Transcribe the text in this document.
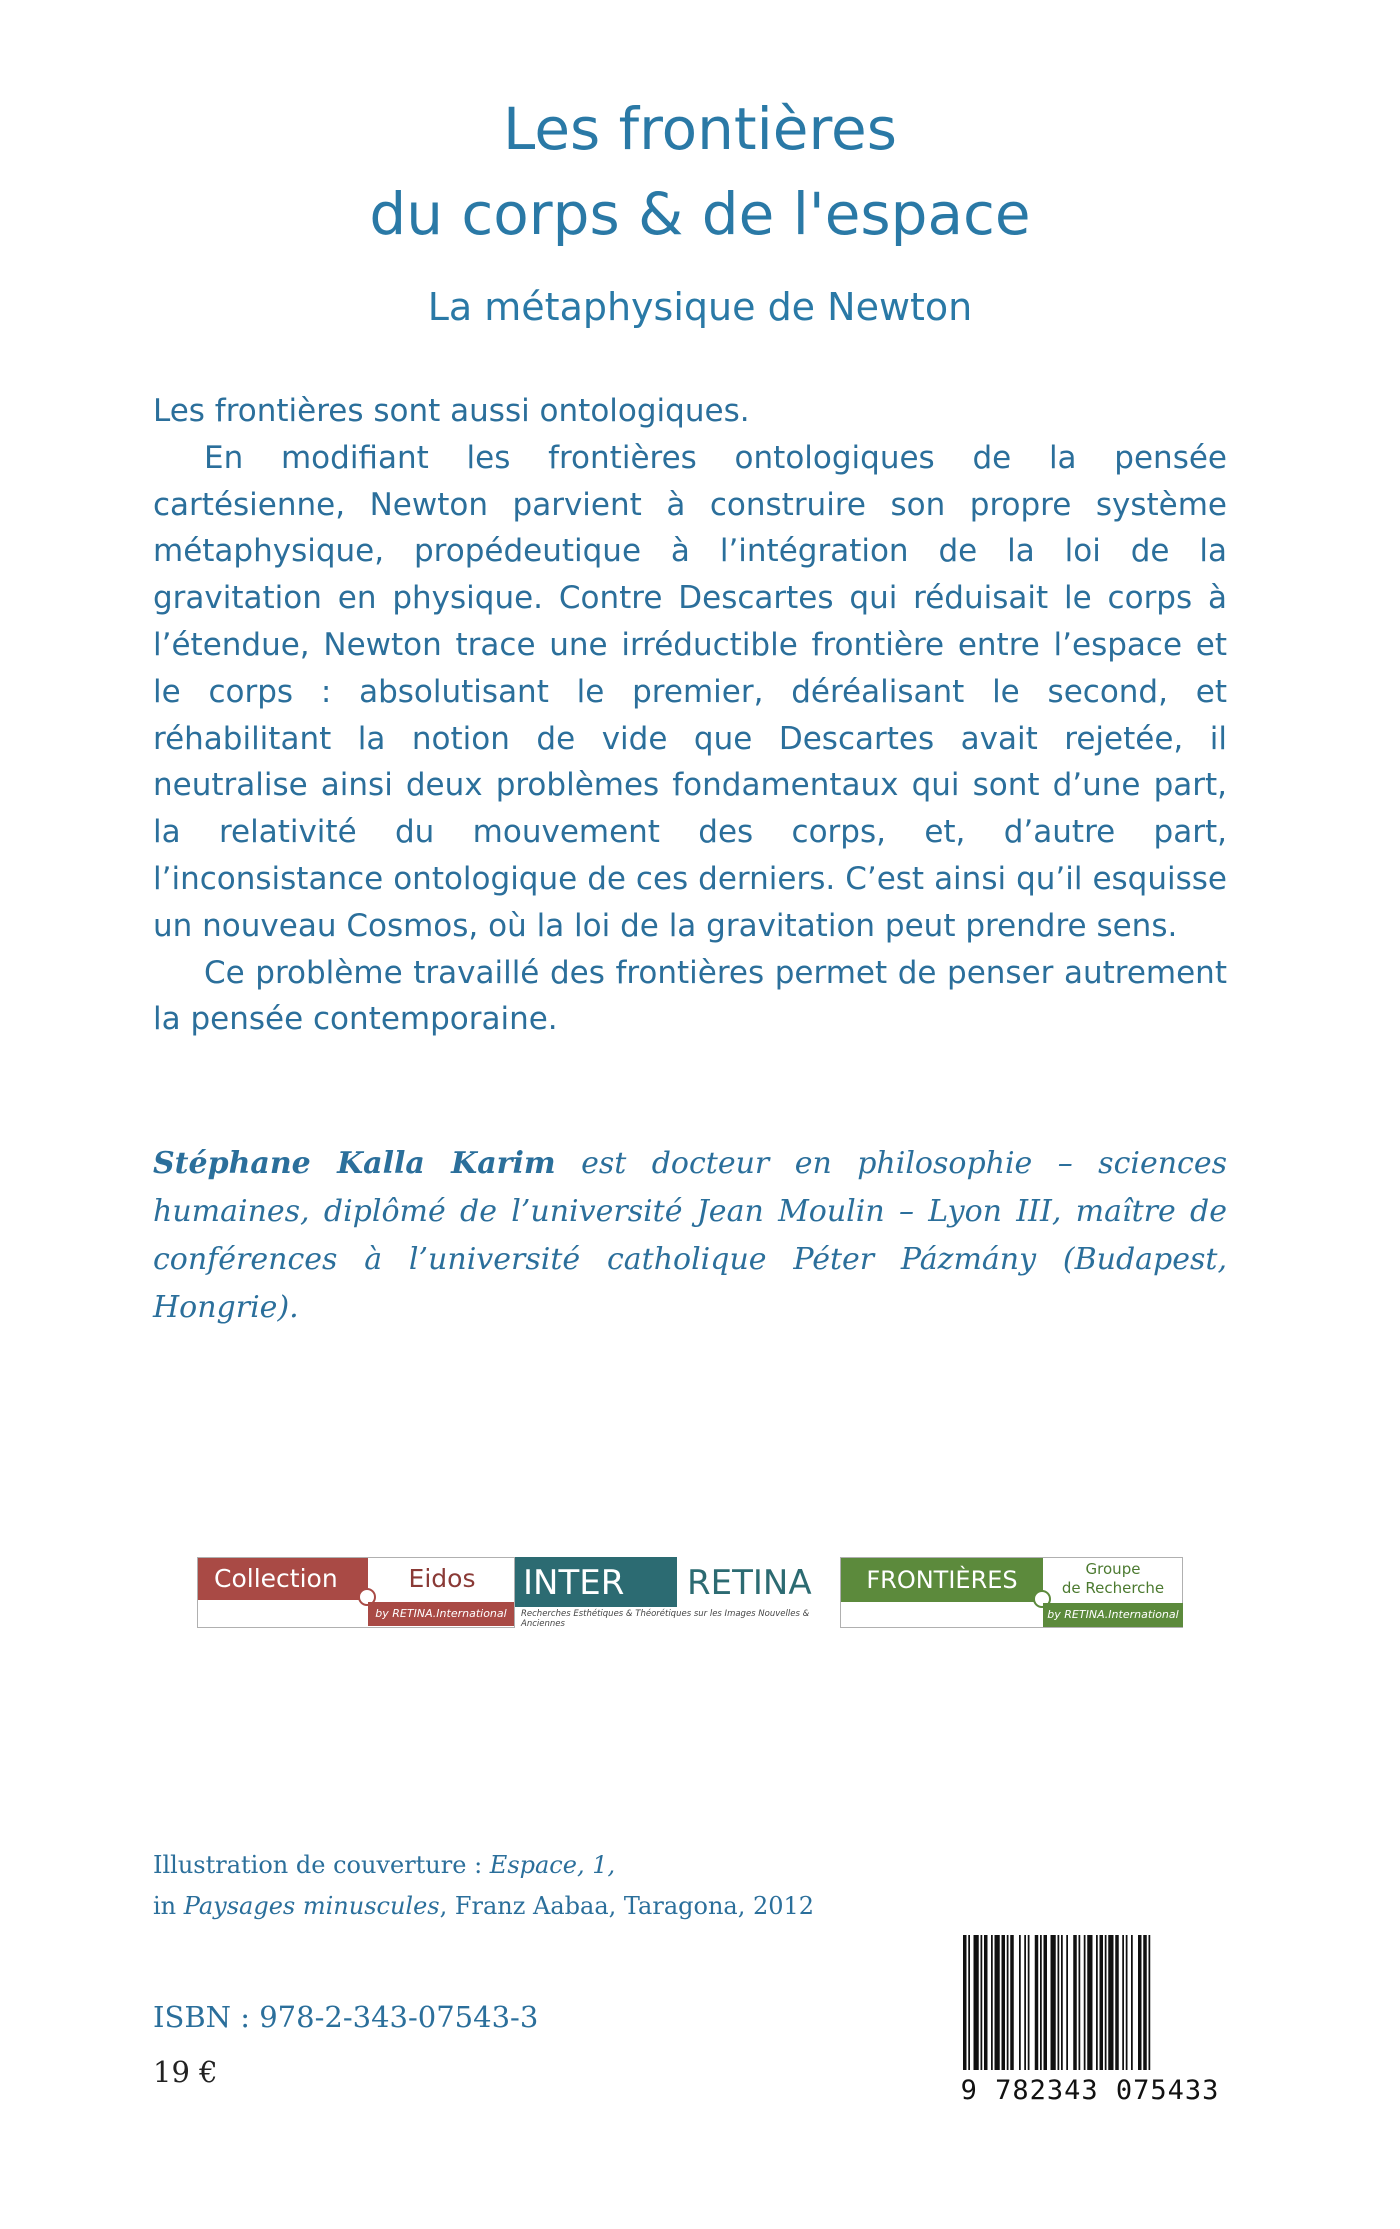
Les frontières
du corps & de l'espace
La métaphysique de Newton

Les frontières sont aussi ontologiques.

En modifiant les frontières ontologiques de la pensée cartésienne, Newton parvient à construire son propre système métaphysique, propédeutique à l’intégration de la loi de la gravitation en physique. Contre Descartes qui réduisait le corps à l’étendue, Newton trace une irréductible frontière entre l’espace et le corps : absolutisant le premier, déréalisant le second, et réhabilitant la notion de vide que Descartes avait rejetée, il neutralise ainsi deux problèmes fondamentaux qui sont d’une part, la relativité du mouvement des corps, et, d’autre part, l’inconsistance ontologique de ces derniers. C’est ainsi qu’il esquisse un nouveau Cosmos, où la loi de la gravitation peut prendre sens.

Ce problème travaillé des frontières permet de penser autrement la pensée contemporaine.

Stéphane Kalla Karim est docteur en philosophie – sciences humaines, diplômé de l’université Jean Moulin – Lyon III, maître de conférences à l’université catholique Péter Pázmány (Budapest, Hongrie).

Collection	Eidos
by RETINA.International
INTER RETINA
Recherches Esthétiques & Théorétiques sur les Images Nouvelles & Anciennes
FRONTIÈRES	Groupe
de Recherche
by RETINA.International

Illustration de couverture : Espace, 1,
in Paysages minuscules, Franz Aabaa, Taragona, 2012

ISBN : 978-2-343-07543-3
19 €
9 782343 075433
